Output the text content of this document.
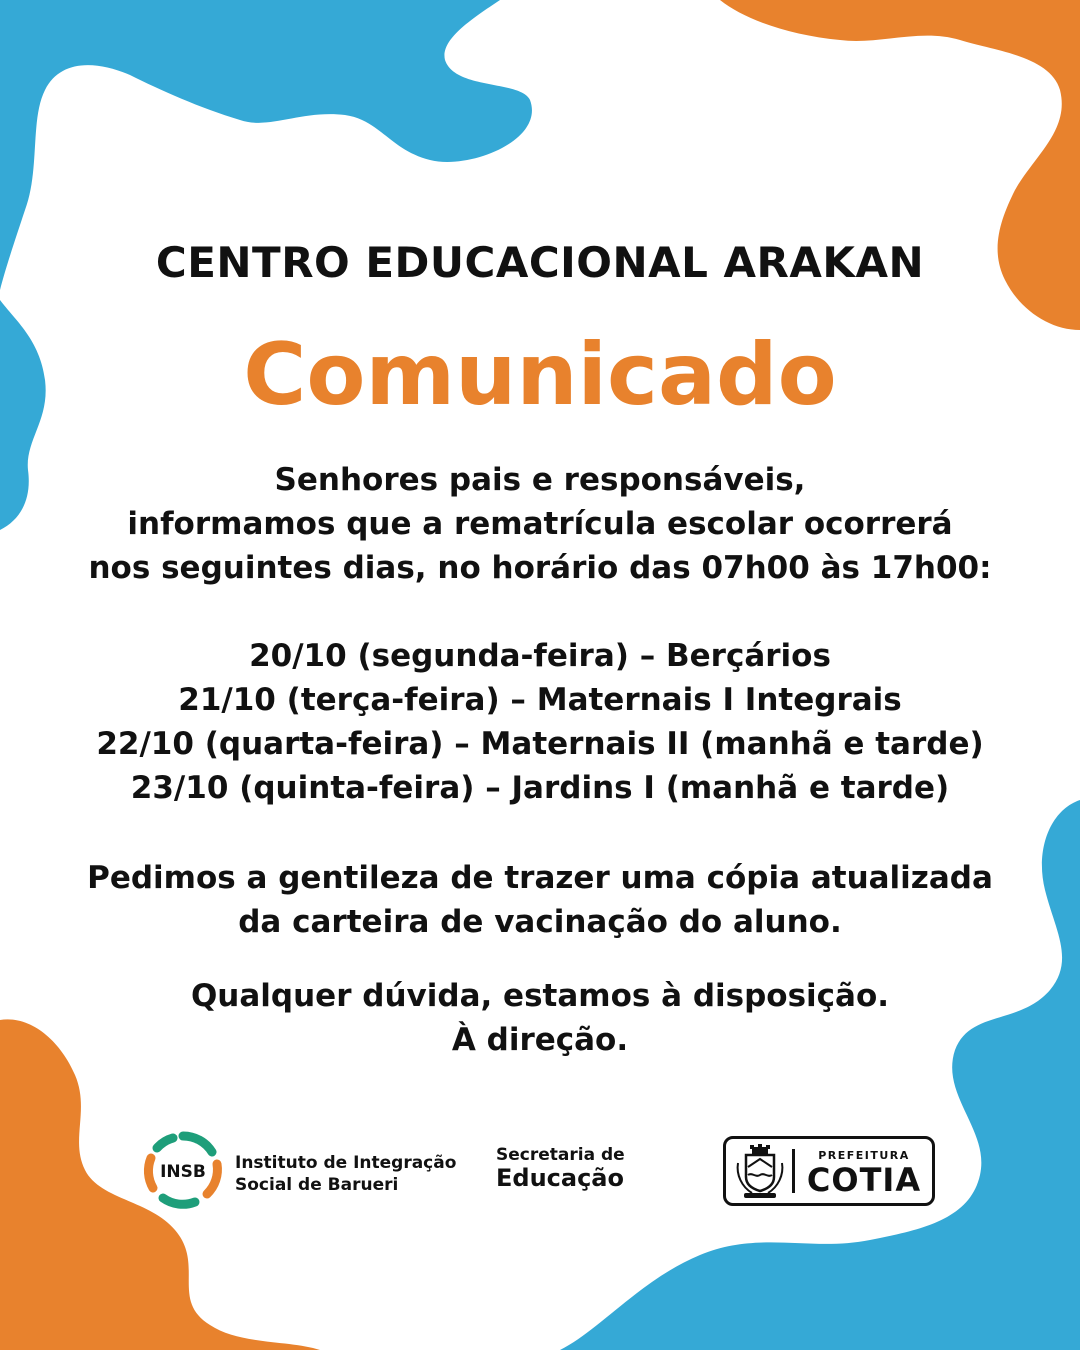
CENTRO EDUCACIONAL ARAKAN
Comunicado
Senhores pais e responsáveis,
informamos que a rematrícula escolar ocorrerá
nos seguintes dias, no horário das 07h00 às 17h00:
20/10 (segunda-feira) – Berçários
21/10 (terça-feira) – Maternais I Integrais
22/10 (quarta-feira) – Maternais II (manhã e tarde)
23/10 (quinta-feira) – Jardins I (manhã e tarde)
Pedimos a gentileza de trazer uma cópia atualizada
da carteira de vacinação do aluno.
Qualquer dúvida, estamos à disposição.
À direção.
INSB Instituto de Integração
Social de Barueri
Secretaria de
Educação
PREFEITURA
COTIA
